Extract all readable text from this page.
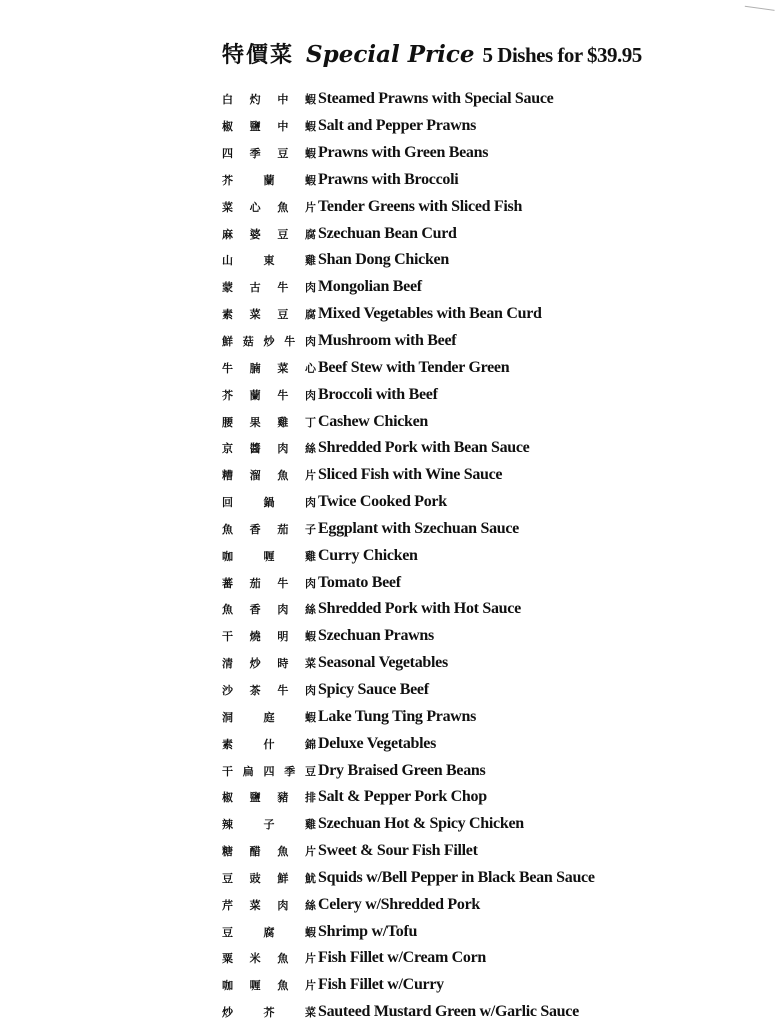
特價菜 Special Price 5 Dishes for $39.95
白 灼 中 蝦 Steamed Prawns with Special Sauce
椒 鹽 中 蝦 Salt and Pepper Prawns
四 季 豆 蝦 Prawns with Green Beans
芥	蘭	蝦 Prawns with Broccoli
菜 心 魚 片 Tender Greens with Sliced Fish
麻 婆 豆 腐 Szechuan Bean Curd
山	東	雞 Shan Dong Chicken
蒙 古 牛 肉 Mongolian Beef
素 菜 豆 腐 Mixed Vegetables with Bean Curd
鮮 菇 炒 牛 肉 Mushroom with Beef
牛 腩 菜 心 Beef Stew with Tender Green
芥 蘭 牛 肉 Broccoli with Beef
腰 果 雞 丁 Cashew Chicken
京 醬 肉 絲 Shredded Pork with Bean Sauce
糟 溜 魚 片 Sliced Fish with Wine Sauce
回	鍋	肉 Twice Cooked Pork
魚 香 茄 子 Eggplant with Szechuan Sauce
咖	喱	雞 Curry Chicken
蕃 茄 牛 肉 Tomato Beef
魚 香 肉 絲 Shredded Pork with Hot Sauce
干 燒 明 蝦 Szechuan Prawns
清 炒 時 菜 Seasonal Vegetables
沙 茶 牛 肉 Spicy Sauce Beef
洞	庭	蝦 Lake Tung Ting Prawns
素	什	錦 Deluxe Vegetables
干 扁 四 季 豆 Dry Braised Green Beans
椒 鹽 豬 排 Salt & Pepper Pork Chop
辣	子	雞 Szechuan Hot & Spicy Chicken
糖 醋 魚 片 Sweet & Sour Fish Fillet
豆 豉 鮮 魷 Squids w/Bell Pepper in Black Bean Sauce
芹 菜 肉 絲 Celery w/Shredded Pork
豆	腐	蝦 Shrimp w/Tofu
粟 米 魚 片 Fish Fillet w/Cream Corn
咖 喱 魚 片 Fish Fillet w/Curry
炒	芥	菜 Sauteed Mustard Green w/Garlic Sauce
